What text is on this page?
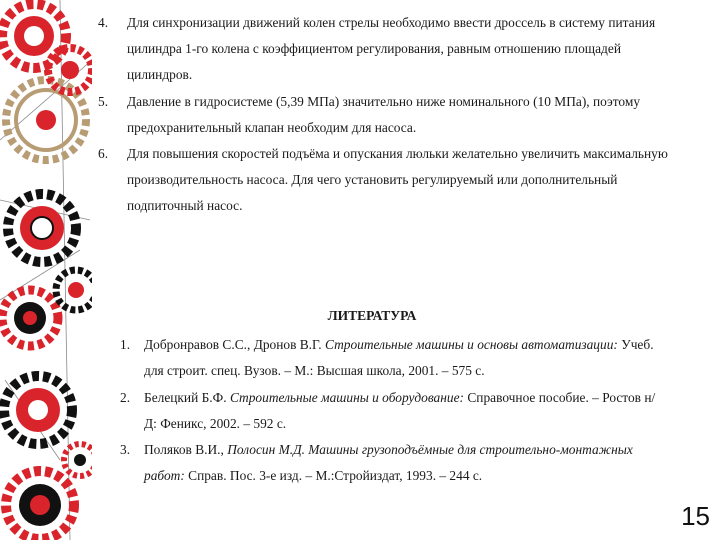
4. Для синхронизации движений колен стрелы необходимо ввести дроссель в систему питания цилиндра 1-го колена с коэффициентом регулирования, равным отношению площадей цилиндров.
5. Давление в гидросистеме (5,39 МПа) значительно ниже номинального (10 МПа), поэтому предохранительный клапан необходим для насоса.
6. Для повышения скоростей подъёма и опускания люльки желательно увеличить максимальную производительность насоса. Для чего установить регулируемый или дополнительный подпиточный насос.
ЛИТЕРАТУРА
1. Добронравов С.С., Дронов В.Г. Строительные машины и основы автоматизации: Учеб. для строит. спец. Вузов. – М.: Высшая школа, 2001. – 575 с.
2. Белецкий Б.Ф. Строительные машины и оборудование: Справочное пособие. – Ростов н/Д: Феникс, 2002. – 592 с.
3. Поляков В.И., Полосин М.Д. Машины грузоподъёмные для строительно-монтажных работ: Справ. Пос. 3-е изд. – М.:Стройиздат, 1993. – 244 с.
15
